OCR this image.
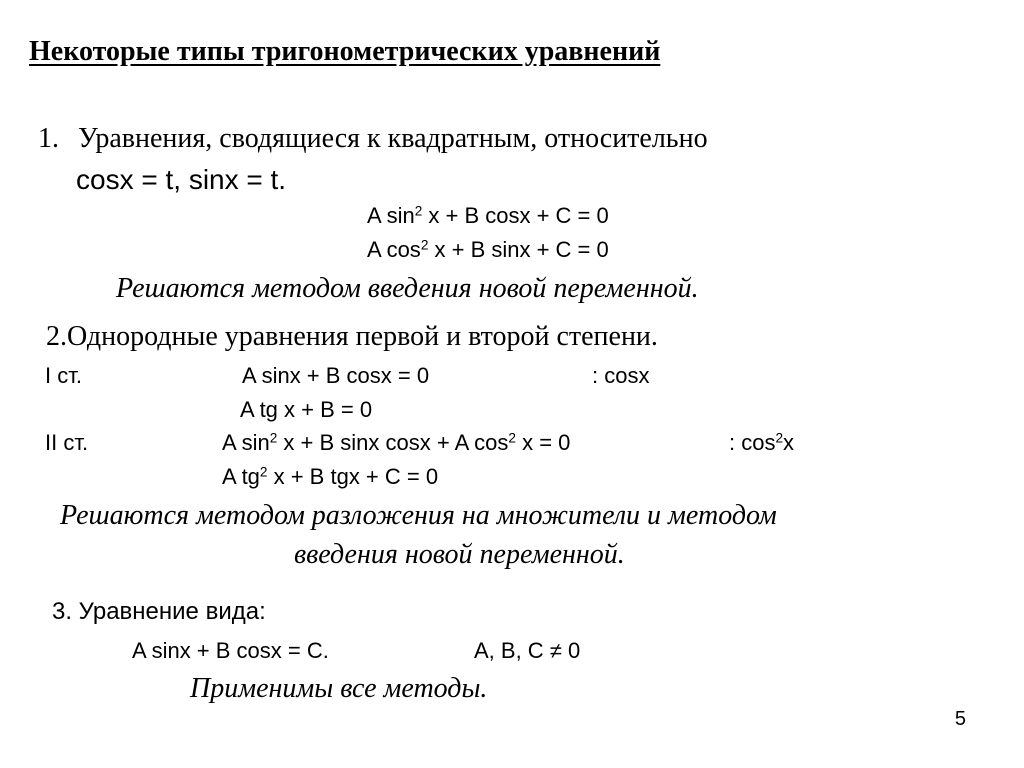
Некоторые типы тригонометрических уравнений
1. Уравнения, сводящиеся к квадратным, относительно
cosx = t, sinx = t.
A $\sin^2 x + B$ cosx + C = 0
A $\cos^2 x + B$ sinx + C = 0
Решаются методом введения новой переменной.
2.Однородные уравнения первой и второй степени.
I ст.	A sinx + B cosx = 0	: cosx
A tg x + B = 0
II ст.	A $\sin^2 x + B$ sinx cosx + A $\cos^2 x = 0$	: $\cos^2x$
A $tg^2$ x + B tgx + C = 0
Решаются методом разложения на множители и методом
введения новой переменной.
3. Уравнение вида:
A sinx + B cosx = C.	A, B, C ≠ 0
Применимы все методы.
5
